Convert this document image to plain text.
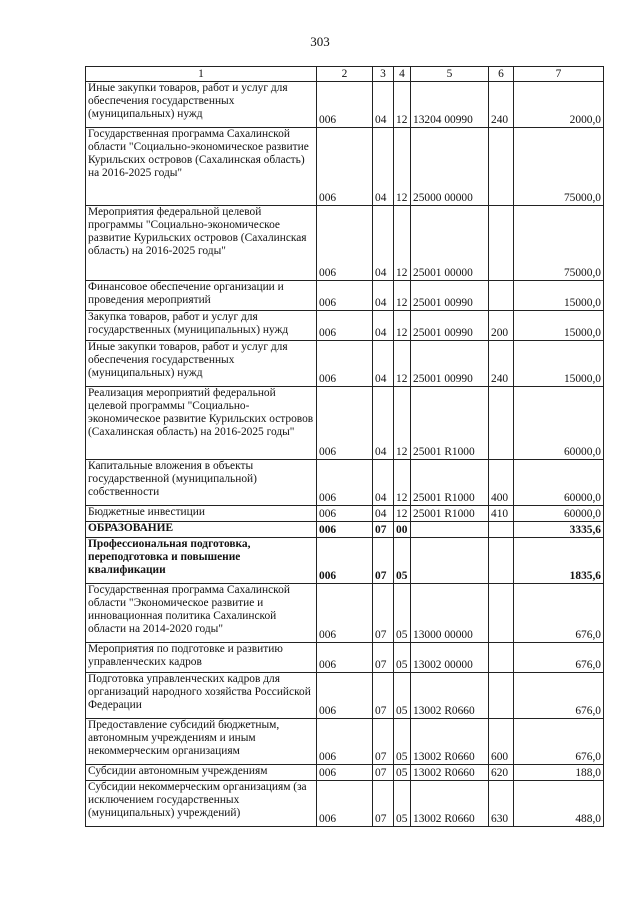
303
1	2	3	4	5	6	7
Иные закупки товаров, работ и услуг для обеспечения государственных (муниципальных) нужд	006	04	12	13204 00990	240	2000,0
Государственная программа Сахалинской области "Социально-экономическое развитие Курильских островов (Сахалинская область) на 2016-2025 годы"	006	04	12	25000 00000		75000,0
Мероприятия федеральной целевой программы "Социально-экономическое развитие Курильских островов (Сахалинская область) на 2016-2025 годы"	006	04	12	25001 00000		75000,0
Финансовое обеспечение организации и проведения мероприятий	006	04	12	25001 00990		15000,0
Закупка товаров, работ и услуг для государственных (муниципальных) нужд	006	04	12	25001 00990	200	15000,0
Иные закупки товаров, работ и услуг для обеспечения государственных (муниципальных) нужд	006	04	12	25001 00990	240	15000,0
Реализация мероприятий федеральной целевой программы "Социально-экономическое развитие Курильских островов (Сахалинская область) на 2016-2025 годы"	006	04	12	25001 R1000		60000,0
Капитальные вложения в объекты государственной (муниципальной) собственности	006	04	12	25001 R1000	400	60000,0
Бюджетные инвестиции	006	04	12	25001 R1000	410	60000,0
ОБРАЗОВАНИЕ	006	07	00			3335,6
Профессиональная подготовка, переподготовка и повышение квалификации	006	07	05			1835,6
Государственная программа Сахалинской области "Экономическое развитие и инновационная политика Сахалинской области на 2014-2020 годы"	006	07	05	13000 00000		676,0
Мероприятия по подготовке и развитию управленческих кадров	006	07	05	13002 00000		676,0
Подготовка управленческих кадров для организаций народного хозяйства Российской Федерации	006	07	05	13002 R0660		676,0
Предоставление субсидий бюджетным, автономным учреждениям и иным некоммерческим организациям	006	07	05	13002 R0660	600	676,0
Субсидии автономным учреждениям	006	07	05	13002 R0660	620	188,0
Субсидии некоммерческим организациям (за исключением государственных (муниципальных) учреждений)	006	07	05	13002 R0660	630	488,0
